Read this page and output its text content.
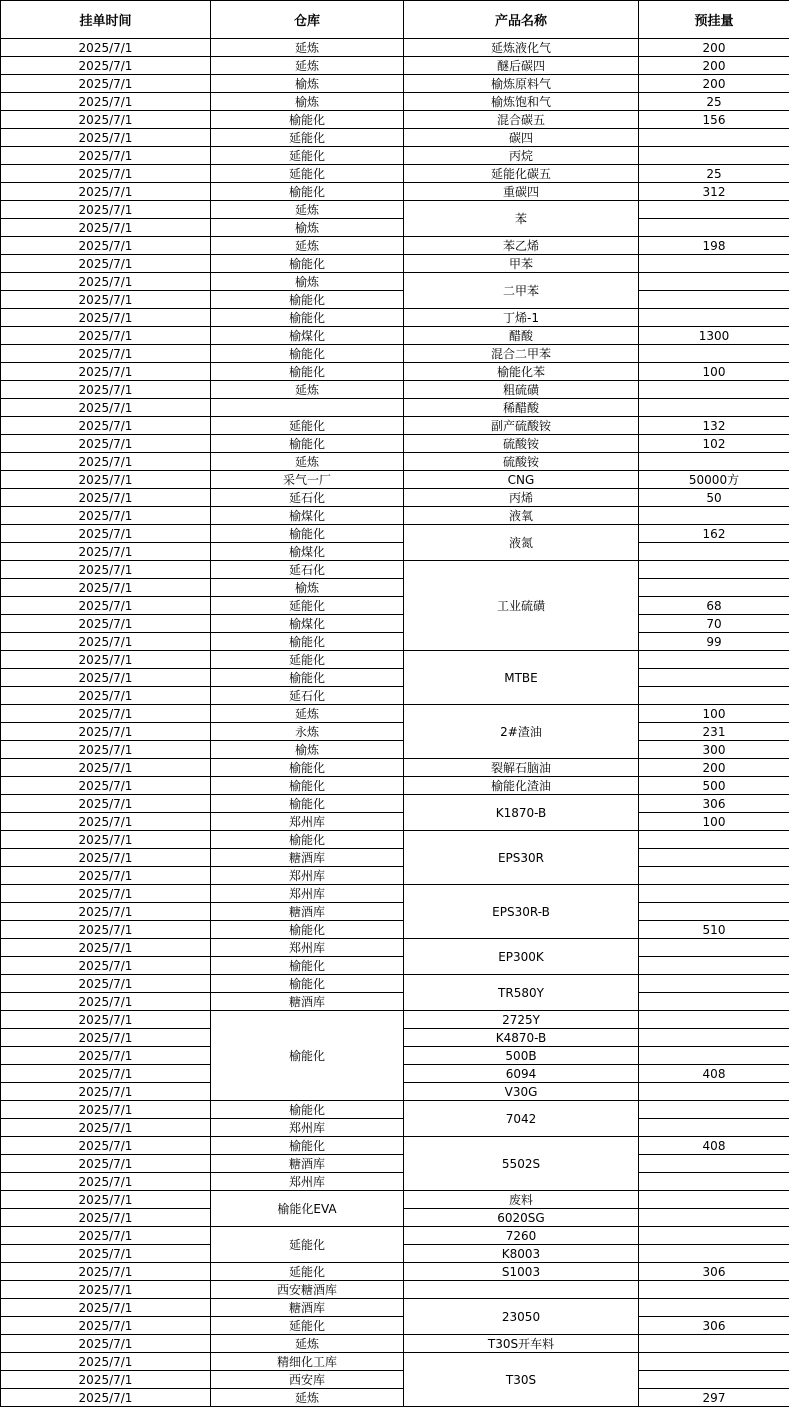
挂单时间	仓库	产品名称	预挂量
2025/7/1	延炼	延炼液化气	200
2025/7/1	延炼	醚后碳四	200
2025/7/1	榆炼	榆炼原料气	200
2025/7/1	榆炼	榆炼饱和气	25
2025/7/1	榆能化	混合碳五	156
2025/7/1	延能化	碳四	
2025/7/1	延能化	丙烷	
2025/7/1	延能化	延能化碳五	25
2025/7/1	榆能化	重碳四	312
2025/7/1	延炼	苯	
2025/7/1	榆炼		
2025/7/1	延炼	苯乙烯	198
2025/7/1	榆能化	甲苯	
2025/7/1	榆炼	二甲苯	
2025/7/1	榆能化		
2025/7/1	榆能化	丁烯-1	
2025/7/1	榆煤化	醋酸	1300
2025/7/1	榆能化	混合二甲苯	
2025/7/1	榆能化	榆能化苯	100
2025/7/1	延炼	粗硫磺	
2025/7/1		稀醋酸	
2025/7/1	延能化	副产硫酸铵	132
2025/7/1	榆能化	硫酸铵	102
2025/7/1	延炼	硫酸铵	
2025/7/1	采气一厂	CNG	50000方
2025/7/1	延石化	丙烯	50
2025/7/1	榆煤化	液氧	
2025/7/1	榆能化	液氮	162
2025/7/1	榆煤化		
2025/7/1	延石化	工业硫磺	
2025/7/1	榆炼		
2025/7/1	延能化		68
2025/7/1	榆煤化		70
2025/7/1	榆能化		99
2025/7/1	延能化	MTBE	
2025/7/1	榆能化		
2025/7/1	延石化		
2025/7/1	延炼	2#渣油	100
2025/7/1	永炼		231
2025/7/1	榆炼		300
2025/7/1	榆能化	裂解石脑油	200
2025/7/1	榆能化	榆能化渣油	500
2025/7/1	榆能化	K1870-B	306
2025/7/1	郑州库		100
2025/7/1	榆能化	EPS30R	
2025/7/1	糖酒库		
2025/7/1	郑州库		
2025/7/1	郑州库	EPS30R-B	
2025/7/1	糖酒库		
2025/7/1	榆能化		510
2025/7/1	郑州库	EP300K	
2025/7/1	榆能化		
2025/7/1	榆能化	TR580Y	
2025/7/1	糖酒库		
2025/7/1	榆能化	2725Y	
2025/7/1		K4870-B	
2025/7/1		500B	
2025/7/1		6094	408
2025/7/1		V30G	
2025/7/1	榆能化	7042	
2025/7/1	郑州库		
2025/7/1	榆能化	5502S	408
2025/7/1	糖酒库		
2025/7/1	郑州库		
2025/7/1	榆能化EVA	废料	
2025/7/1		6020SG	
2025/7/1	延能化	7260	
2025/7/1		K8003	
2025/7/1	延能化	S1003	306
2025/7/1	西安糖酒库		
2025/7/1	糖酒库	23050	
2025/7/1	延能化		306
2025/7/1	延炼	T30S开车料	
2025/7/1	精细化工库	T30S	
2025/7/1	西安库		
2025/7/1	延炼		297
